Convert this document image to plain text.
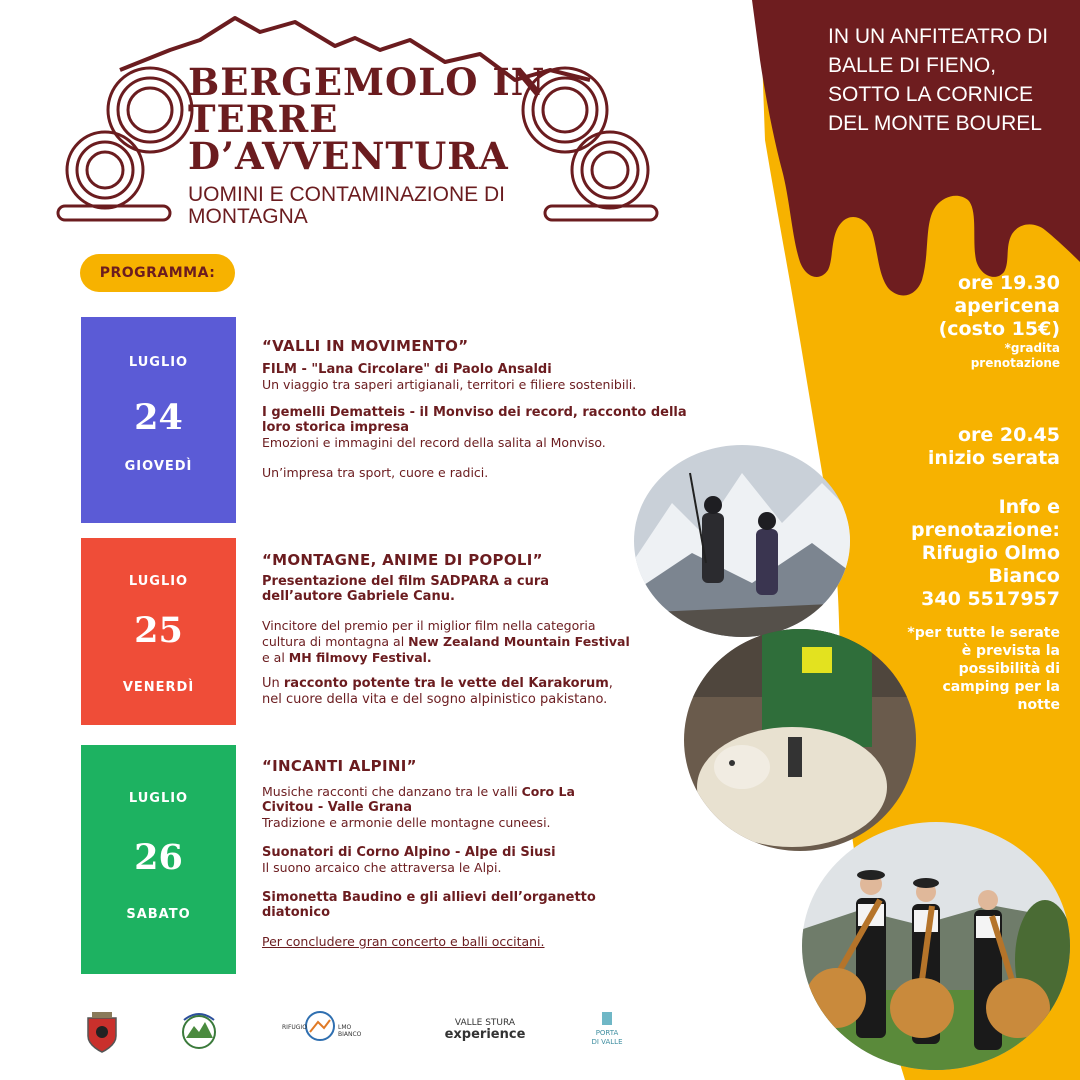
BERGEMOLO IN
TERRE
D’AVVENTURA
UOMINI E CONTAMINAZIONE DI MONTAGNA
IN UN ANFITEATRO DI
BALLE DI FIENO,
SOTTO LA CORNICE
DEL MONTE BOUREL
ore 19.30
apericena
(costo 15€)
*gradita
prenotazione
ore 20.45
inizio serata
Info e
prenotazione:
Rifugio Olmo
Bianco
340 5517957
*per tutte le serate
è prevista la
possibilità di
camping per la
notte
PROGRAMMA:
LUGLIO
24
GIOVEDÌ
LUGLIO
25
VENERDÌ
LUGLIO
26
SABATO
“VALLI IN MOVIMENTO”
FILM - "Lana Circolare" di Paolo Ansaldi
Un viaggio tra saperi artigianali, territori e filiere sostenibili.
I gemelli Dematteis - il Monviso dei record, racconto della
loro storica impresa
Emozioni e immagini del record della salita al Monviso.
Un’impresa tra sport, cuore e radici.
“MONTAGNE, ANIME DI POPOLI”
Presentazione del film SADPARA a cura
dell’autore Gabriele Canu.
Vincitore del premio per il miglior film nella categoria
cultura di montagna al New Zealand Mountain Festival
e al MH filmovy Festival.
Un racconto potente tra le vette del Karakorum,
nel cuore della vita e del sogno alpinistico pakistano.
“INCANTI ALPINI”
Musiche racconti che danzano tra le valli Coro La
Civitou - Valle Grana
Tradizione e armonie delle montagne cuneesi.
Suonatori di Corno Alpino - Alpe di Siusi
Il suono arcaico che attraversa le Alpi.
Simonetta Baudino e gli allievi dell’organetto
diatonico
Per concludere gran concerto e balli occitani.
RIFUGIO	LMO BIANCO
VALLE STURA
experience	PORTA
DI VALLE
